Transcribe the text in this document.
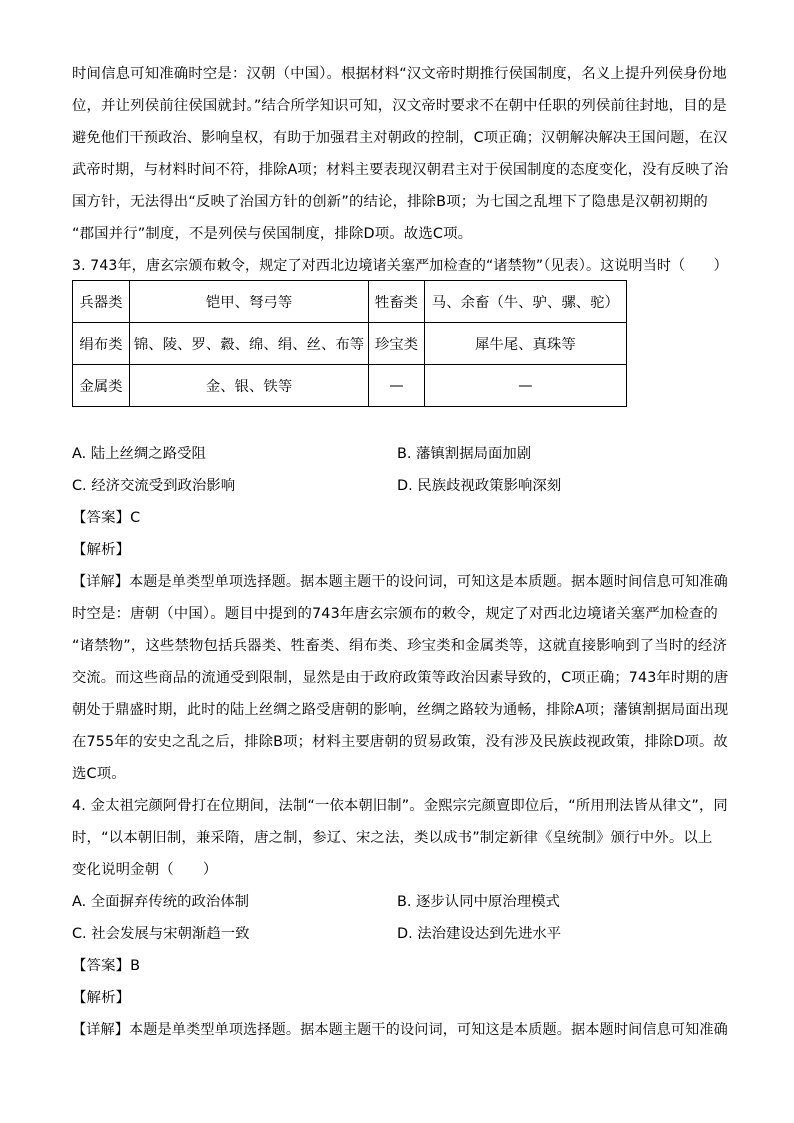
时间信息可知准确时空是：汉朝（中国）。根据材料“汉文帝时期推行侯国制度，名义上提升列侯身份地
位，并让列侯前往侯国就封。”结合所学知识可知，汉文帝时要求不在朝中任职的列侯前往封地，目的是
避免他们干预政治、影响皇权，有助于加强君主对朝政的控制，C项正确；汉朝解决解决王国问题，在汉
武帝时期，与材料时间不符，排除A项；材料主要表现汉朝君主对于侯国制度的态度变化，没有反映了治
国方针，无法得出“反映了治国方针的创新”的结论，排除B项；为七国之乱埋下了隐患是汉朝初期的
“郡国并行”制度，不是列侯与侯国制度，排除D项。故选C项。
3. 743年，唐玄宗颁布敕令，规定了对西北边境诸关塞严加检查的“诸禁物”（见表）。这说明当时（　　）
兵器类	铠甲、弩弓等	牲畜类	马、余畜（牛、驴、骡、驼）
绢布类	锦、陵、罗、縠、绵、绢、丝、布等	珍宝类	犀牛尾、真珠等
金属类	金、银、铁等	—	—
A. 陆上丝绸之路受阻	B. 藩镇割据局面加剧
C. 经济交流受到政治影响	D. 民族歧视政策影响深刻
【答案】C
【解析】
【详解】本题是单类型单项选择题。据本题主题干的设问词，可知这是本质题。据本题时间信息可知准确
时空是：唐朝（中国）。题目中提到的743年唐玄宗颁布的敕令，规定了对西北边境诸关塞严加检查的
“诸禁物”，这些禁物包括兵器类、牲畜类、绢布类、珍宝类和金属类等，这就直接影响到了当时的经济
交流。而这些商品的流通受到限制，显然是由于政府政策等政治因素导致的，C项正确；743年时期的唐
朝处于鼎盛时期，此时的陆上丝绸之路受唐朝的影响，丝绸之路较为通畅，排除A项；藩镇割据局面出现
在755年的安史之乱之后，排除B项；材料主要唐朝的贸易政策，没有涉及民族歧视政策，排除D项。故
选C项。
4. 金太祖完颜阿骨打在位期间，法制“一依本朝旧制”。金熙宗完颜亶即位后，“所用刑法皆从律文”，同
时，“以本朝旧制，兼采隋，唐之制，参辽、宋之法，类以成书”制定新律《皇统制》颁行中外。以上
变化说明金朝（　　）
A. 全面摒弃传统的政治体制	B. 逐步认同中原治理模式
C. 社会发展与宋朝渐趋一致	D. 法治建设达到先进水平
【答案】B
【解析】
【详解】本题是单类型单项选择题。据本题主题干的设问词，可知这是本质题。据本题时间信息可知准确
